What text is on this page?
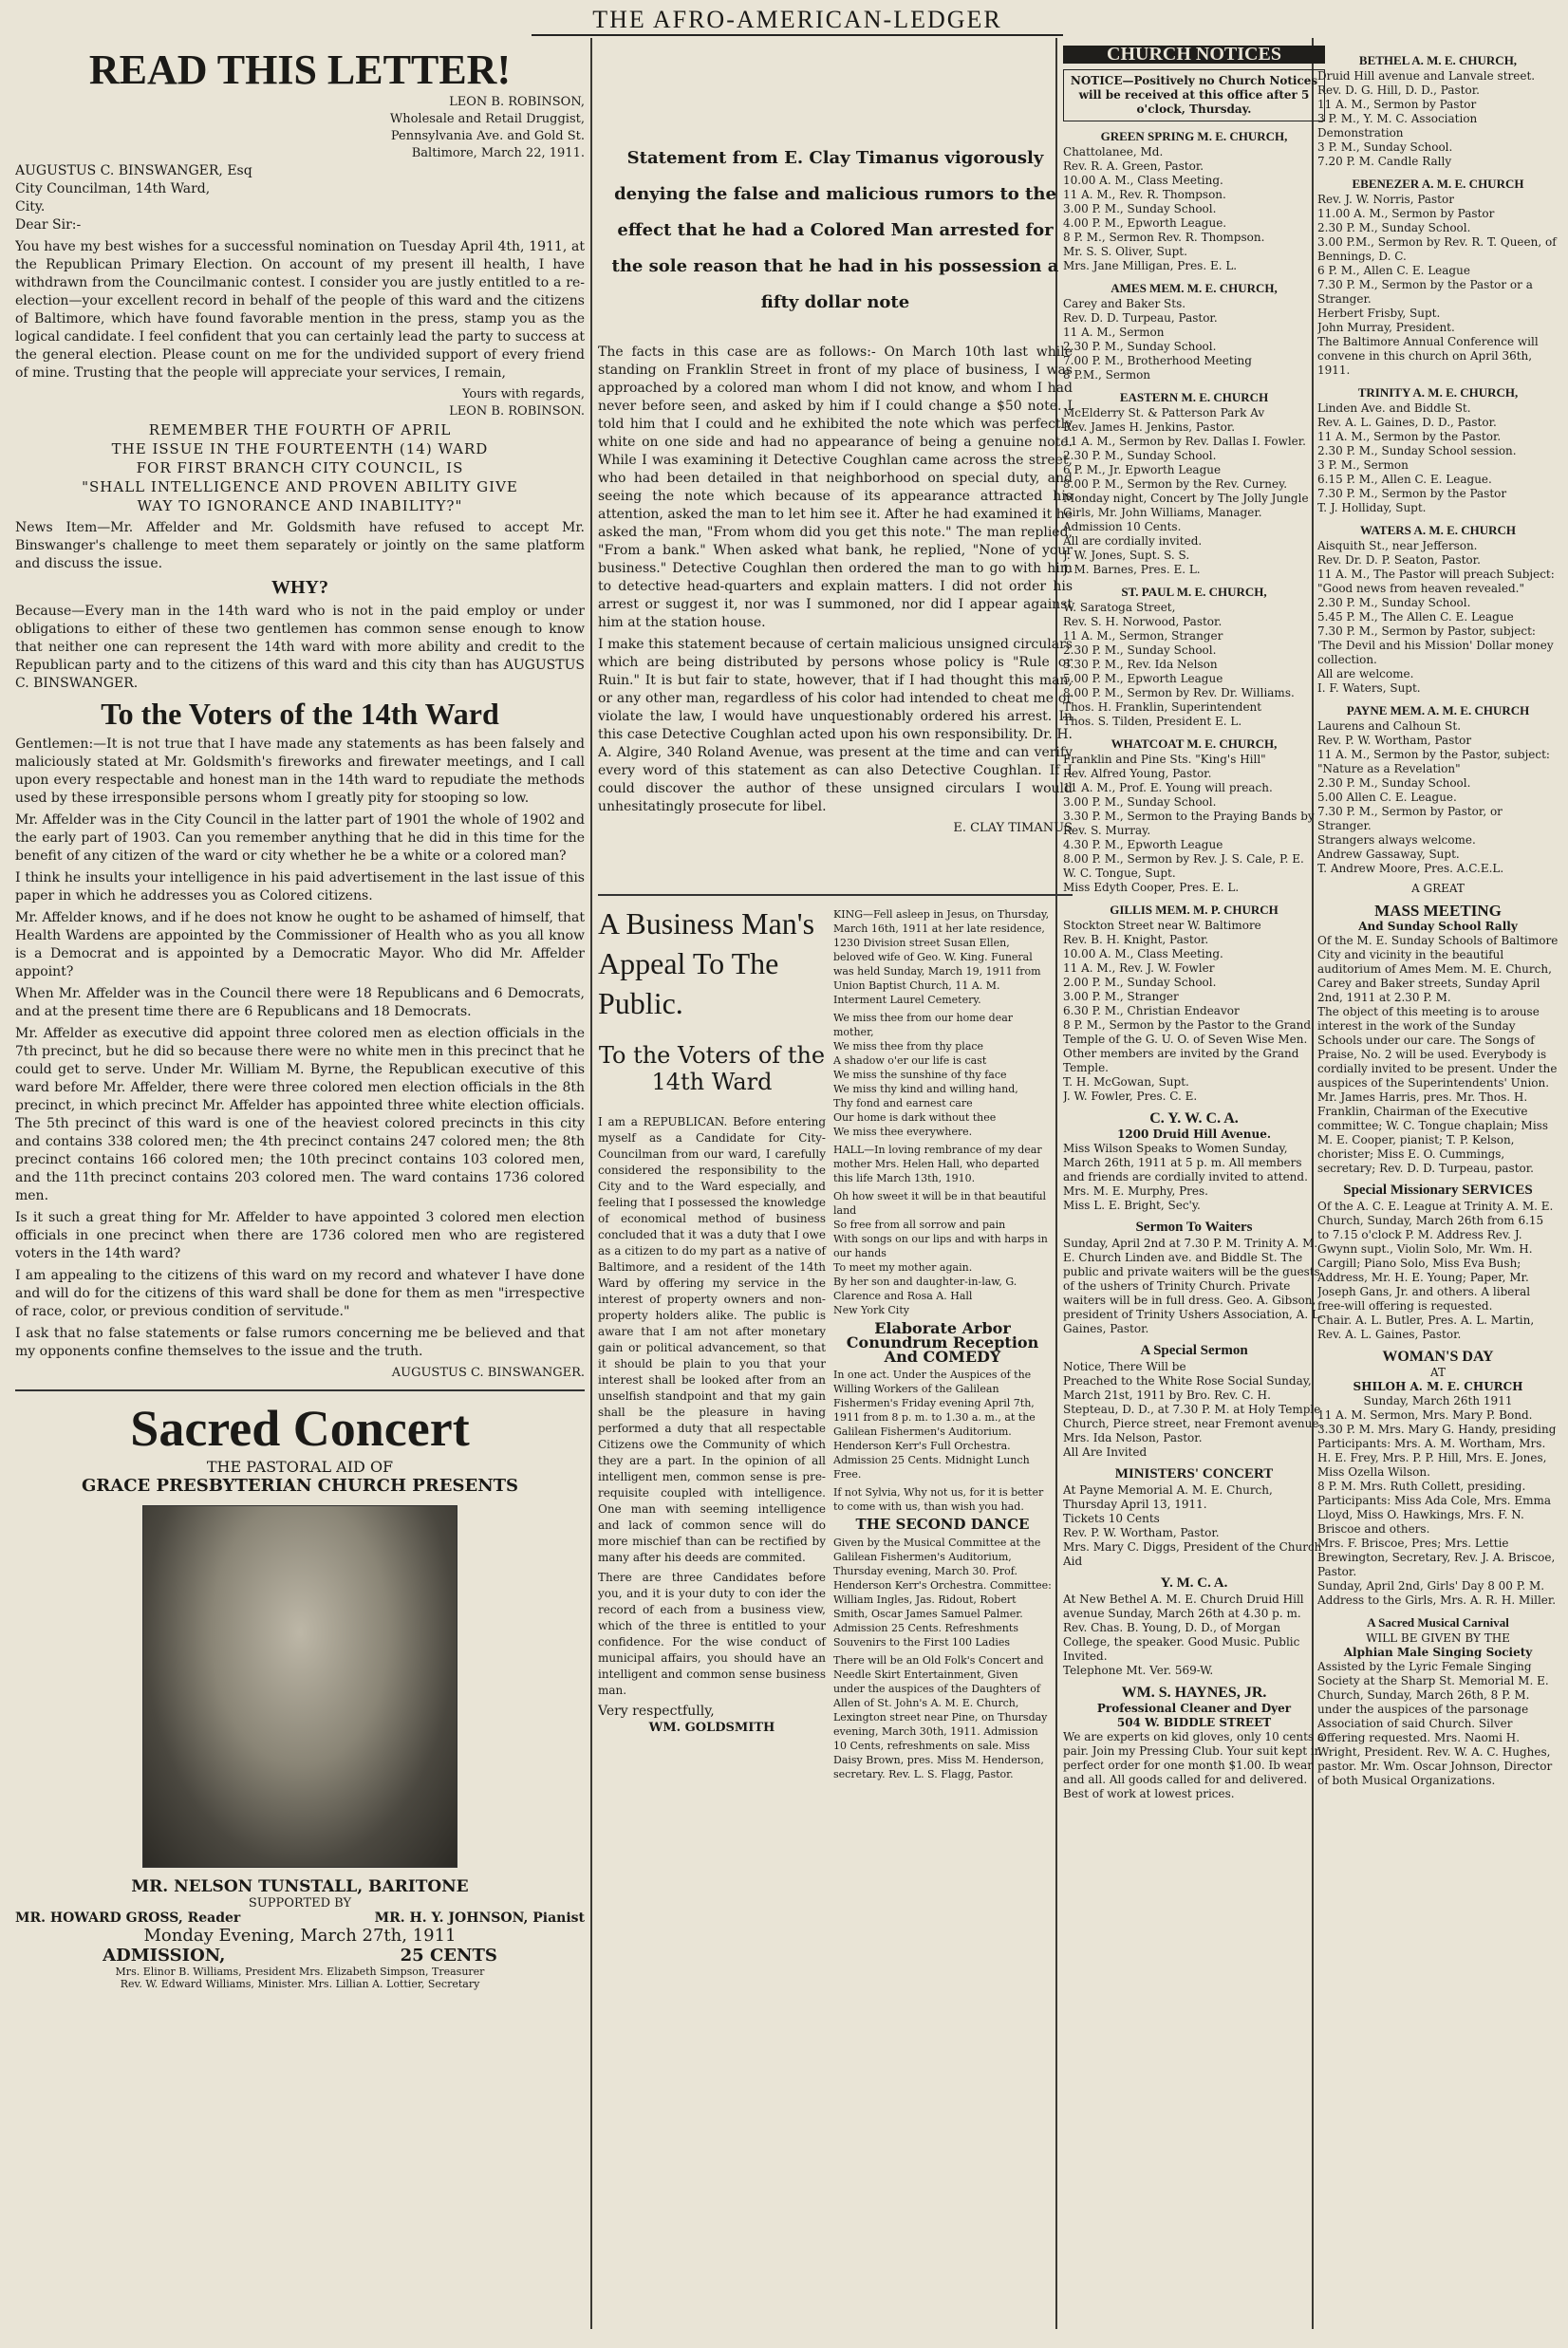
THE AFRO-AMERICAN-LEDGER
READ THIS LETTER!
LEON B. ROBINSON,
Wholesale and Retail Druggist,
Pennsylvania Ave. and Gold St.
Baltimore, March 22, 1911.
AUGUSTUS C. BINSWANGER, Esq
City Councilman, 14th Ward,
City.
Dear Sir:-

You have my best wishes for a successful nomination on Tuesday April 4th, 1911, at the Republican Primary Election. On account of my present ill health, I have withdrawn from the Councilmanic contest. I consider you are justly entitled to a re-election—your excellent record in behalf of the people of this ward and the citizens of Baltimore, which have found favorable mention in the press, stamp you as the logical candidate. I feel confident that you can certainly lead the party to success at the general election. Please count on me for the undivided support of every friend of mine. Trusting that the people will appreciate your services, I remain,

Yours with regards,
LEON B. ROBINSON.
REMEMBER THE FOURTH OF APRIL
THE ISSUE IN THE FOURTEENTH (14) WARD
FOR FIRST BRANCH CITY COUNCIL, IS
"SHALL INTELLIGENCE AND PROVEN ABILITY GIVE
WAY TO IGNORANCE AND INABILITY?"

News Item—Mr. Affelder and Mr. Goldsmith have refused to accept Mr. Binswanger's challenge to meet them separately or jointly on the same platform and discuss the issue.

WHY?

Because—Every man in the 14th ward who is not in the paid employ or under obligations to either of these two gentlemen has common sense enough to know that neither one can represent the 14th ward with more ability and credit to the Republican party and to the citizens of this ward and this city than has AUGUSTUS C. BINSWANGER.

To the Voters of the 14th Ward

Gentlemen:—It is not true that I have made any statements as has been falsely and maliciously stated at Mr. Goldsmith's fireworks and firewater meetings, and I call upon every respectable and honest man in the 14th ward to repudiate the methods used by these irresponsible persons whom I greatly pity for stooping so low.

Mr. Affelder was in the City Council in the latter part of 1901 the whole of 1902 and the early part of 1903. Can you remember anything that he did in this time for the benefit of any citizen of the ward or city whether he be a white or a colored man?

I think he insults your intelligence in his paid advertisement in the last issue of this paper in which he addresses you as Colored citizens.

Mr. Affelder knows, and if he does not know he ought to be ashamed of himself, that Health Wardens are appointed by the Commissioner of Health who as you all know is a Democrat and is appointed by a Democratic Mayor. Who did Mr. Affelder appoint?

When Mr. Affelder was in the Council there were 18 Republicans and 6 Democrats, and at the present time there are 6 Republicans and 18 Democrats.

Mr. Affelder as executive did appoint three colored men as election officials in the 7th precinct, but he did so because there were no white men in this precinct that he could get to serve. Under Mr. William M. Byrne, the Republican executive of this ward before Mr. Affelder, there were three colored men election officials in the 8th precinct, in which precinct Mr. Affelder has appointed three white election officials. The 5th precinct of this ward is one of the heaviest colored precincts in this city and contains 338 colored men; the 4th precinct contains 247 colored men; the 8th precinct contains 166 colored men; the 10th precinct contains 103 colored men, and the 11th precinct contains 203 colored men. The ward contains 1736 colored men.

Is it such a great thing for Mr. Affelder to have appointed 3 colored men election officials in one precinct when there are 1736 colored men who are registered voters in the 14th ward?

I am appealing to the citizens of this ward on my record and whatever I have done and will do for the citizens of this ward shall be done for them as men "irrespective of race, color, or previous condition of servitude."

I ask that no false statements or false rumors concerning me be believed and that my opponents confine themselves to the issue and the truth.

AUGUSTUS C. BINSWANGER.
Sacred Concert
THE PASTORAL AID OF
GRACE PRESBYTERIAN CHURCH PRESENTS
MR. NELSON TUNSTALL, BARITONE
SUPPORTED BY
MR. HOWARD GROSS, Reader	MR. H. Y. JOHNSON, Pianist
Monday Evening, March 27th, 1911
ADMISSION,	25 CENTS
Mrs. Elinor B. Williams, President Mrs. Elizabeth Simpson, Treasurer
Rev. W. Edward Williams, Minister. Mrs. Lillian A. Lottier, Secretary
Statement from E. Clay Timanus vigorously denying the false and malicious rumors to the effect that he had a Colored Man arrested for the sole reason that he had in his possession a fifty dollar note

The facts in this case are as follows:- On March 10th last while standing on Franklin Street in front of my place of business, I was approached by a colored man whom I did not know, and whom I had never before seen, and asked by him if I could change a $50 note. I told him that I could and he exhibited the note which was perfectly white on one side and had no appearance of being a genuine note. While I was examining it Detective Coughlan came across the street, who had been detailed in that neighborhood on special duty, and seeing the note which because of its appearance attracted his attention, asked the man to let him see it. After he had examined it he asked the man, "From whom did you get this note." The man replied, "From a bank." When asked what bank, he replied, "None of your business." Detective Coughlan then ordered the man to go with him to detective head-quarters and explain matters. I did not order his arrest or suggest it, nor was I summoned, nor did I appear against him at the station house.

I make this statement because of certain malicious unsigned circulars which are being distributed by persons whose policy is "Rule or Ruin." It is but fair to state, however, that if I had thought this man, or any other man, regardless of his color had intended to cheat me or violate the law, I would have unquestionably ordered his arrest. In this case Detective Coughlan acted upon his own responsibility. Dr. H. A. Algire, 340 Roland Avenue, was present at the time and can verify every word of this statement as can also Detective Coughlan. If I could discover the author of these unsigned circulars I would unhesitatingly prosecute for libel.

E. CLAY TIMANUS
A Business Man's Appeal To The Public.
To the Voters of the 14th Ward

I am a REPUBLICAN. Before entering myself as a Candidate for City-Councilman from our ward, I carefully considered the responsibility to the City and to the Ward especially, and feeling that I possessed the knowledge of economical method of business concluded that it was a duty that I owe as a citizen to do my part as a native of Baltimore, and a resident of the 14th Ward by offering my service in the interest of property owners and non-property holders alike. The public is aware that I am not after monetary gain or political advancement, so that it should be plain to you that your interest shall be looked after from an unselfish standpoint and that my gain shall be the pleasure in having performed a duty that all respectable Citizens owe the Community of which they are a part. In the opinion of all intelligent men, common sense is pre-requisite coupled with intelligence. One man with seeming intelligence and lack of common sence will do more mischief than can be rectified by many after his deeds are commited.

There are three Candidates before you, and it is your duty to con ider the record of each from a business view, which of the three is entitled to your confidence. For the wise conduct of municipal affairs, you should have an intelligent and common sense business man.

Very respectfully,
WM. GOLDSMITH

KING—Fell asleep in Jesus, on Thursday, March 16th, 1911 at her late residence, 1230 Division street Susan Ellen, beloved wife of Geo. W. King. Funeral was held Sunday, March 19, 1911 from Union Baptist Church, 11 A. M. Interment Laurel Cemetery.

We miss thee from our home dear mother,
We miss thee from thy place
A shadow o'er our life is cast
We miss the sunshine of thy face
We miss thy kind and willing hand,
Thy fond and earnest care
Our home is dark without thee
We miss thee everywhere.

HALL—In loving rembrance of my dear mother Mrs. Helen Hall, who departed this life March 13th, 1910.

Oh how sweet it will be in that beautiful land
So free from all sorrow and pain
With songs on our lips and with harps in our hands
To meet my mother again.
By her son and daughter-in-law, G. Clarence and Rosa A. Hall
New York City

Elaborate Arbor Conundrum Reception And COMEDY

In one act. Under the Auspices of the Willing Workers of the Galilean Fishermen's Friday evening April 7th, 1911 from 8 p. m. to 1.30 a. m., at the Galilean Fishermen's Auditorium. Henderson Kerr's Full Orchestra. Admission 25 Cents. Midnight Lunch Free.

If not Sylvia, Why not us, for it is better to come with us, than wish you had.

THE SECOND DANCE

Given by the Musical Committee at the Galilean Fishermen's Auditorium, Thursday evening, March 30. Prof. Henderson Kerr's Orchestra. Committee: William Ingles, Jas. Ridout, Robert Smith, Oscar James Samuel Palmer. Admission 25 Cents. Refreshments Souvenirs to the First 100 Ladies

There will be an Old Folk's Concert and Needle Skirt Entertainment, Given under the auspices of the Daughters of Allen of St. John's A. M. E. Church, Lexington street near Pine, on Thursday evening, March 30th, 1911. Admission 10 Cents, refreshments on sale. Miss Daisy Brown, pres. Miss M. Henderson, secretary. Rev. L. S. Flagg, Pastor.

CHURCH NOTICES
NOTICE—Positively no Church Notices will be received at this office after 5 o'clock, Thursday.
GREEN SPRING M. E. CHURCH,
Chattolanee, Md.
Rev. R. A. Green, Pastor.
10.00 A. M., Class Meeting.
11 A. M., Rev. R. Thompson.
3.00 P. M., Sunday School.
4.00 P. M., Epworth League.
8 P. M., Sermon Rev. R. Thompson.
Mr. S. S. Oliver, Supt.
Mrs. Jane Milligan, Pres. E. L.
AMES MEM. M. E. CHURCH,
Carey and Baker Sts.
Rev. D. D. Turpeau, Pastor.
11 A. M., Sermon
2.30 P. M., Sunday School.
7.00 P. M., Brotherhood Meeting
8 P.M., Sermon
EASTERN M. E. CHURCH
McElderry St. & Patterson Park Av
Rev. James H. Jenkins, Pastor.
11 A. M., Sermon by Rev. Dallas I. Fowler.
2.30 P. M., Sunday School.
6 P. M., Jr. Epworth League
8.00 P. M., Sermon by the Rev. Curney.
Monday night, Concert by The Jolly Jungle Girls, Mr. John Williams, Manager.
Admission 10 Cents.
All are cordially invited.
J. W. Jones, Supt. S. S.
J. M. Barnes, Pres. E. L.
ST. PAUL M. E. CHURCH,
W. Saratoga Street,
Rev. S. H. Norwood, Pastor.
11 A. M., Sermon, Stranger
2.30 P. M., Sunday School.
3.30 P. M., Rev. Ida Nelson
5.00 P. M., Epworth League
8.00 P. M., Sermon by Rev. Dr. Williams.
Thos. H. Franklin, Superintendent
Thos. S. Tilden, President E. L.
WHATCOAT M. E. CHURCH,
Franklin and Pine Sts. "King's Hill"
Rev. Alfred Young, Pastor.
11 A. M., Prof. E. Young will preach.
3.00 P. M., Sunday School.
3.30 P. M., Sermon to the Praying Bands by Rev. S. Murray.
4.30 P. M., Epworth League
8.00 P. M., Sermon by Rev. J. S. Cale, P. E.
W. C. Tongue, Supt.
Miss Edyth Cooper, Pres. E. L.
GILLIS MEM. M. P. CHURCH
Stockton Street near W. Baltimore
Rev. B. H. Knight, Pastor.
10.00 A. M., Class Meeting.
11 A. M., Rev. J. W. Fowler
2.00 P. M., Sunday School.
3.00 P. M., Stranger
6.30 P. M., Christian Endeavor
8 P. M., Sermon by the Pastor to the Grand Temple of the G. U. O. of Seven Wise Men. Other members are invited by the Grand Temple.
T. H. McGowan, Supt.
J. W. Fowler, Pres. C. E.
C. Y. W. C. A.
1200 Druid Hill Avenue.
Miss Wilson Speaks to Women Sunday, March 26th, 1911 at 5 p. m. All members and friends are cordially invited to attend.
Mrs. M. E. Murphy, Pres.
Miss L. E. Bright, Sec'y.
Sermon To Waiters
Sunday, April 2nd at 7.30 P. M. Trinity A. M. E. Church Linden ave. and Biddle St. The public and private waiters will be the guests of the ushers of Trinity Church. Private waiters will be in full dress. Geo. A. Gibson, president of Trinity Ushers Association, A. L. Gaines, Pastor.
A Special Sermon
Notice, There Will be
Preached to the White Rose Social Sunday, March 21st, 1911 by Bro. Rev. C. H. Stepteau, D. D., at 7.30 P. M. at Holy Temple Church, Pierce street, near Fremont avenue. Mrs. Ida Nelson, Pastor.
All Are Invited
MINISTERS' CONCERT
At Payne Memorial A. M. E. Church, Thursday April 13, 1911.
Tickets 10 Cents
Rev. P. W. Wortham, Pastor.
Mrs. Mary C. Diggs, President of the Church Aid
Y. M. C. A.
At New Bethel A. M. E. Church Druid Hill avenue Sunday, March 26th at 4.30 p. m. Rev. Chas. B. Young, D. D., of Morgan College, the speaker. Good Music. Public Invited.
Telephone Mt. Ver. 569-W.
WM. S. HAYNES, JR.
Professional Cleaner and Dyer
504 W. BIDDLE STREET
We are experts on kid gloves, only 10 cents a pair. Join my Pressing Club. Your suit kept in perfect order for one month $1.00. Ib wear and all. All goods called for and delivered. Best of work at lowest prices.
BETHEL A. M. E. CHURCH,
Druid Hill avenue and Lanvale street.
Rev. D. G. Hill, D. D., Pastor.
11 A. M., Sermon by Pastor
3 P. M., Y. M. C. Association Demonstration
3 P. M., Sunday School.
7.20 P. M. Candle Rally
EBENEZER A. M. E. CHURCH
Rev. J. W. Norris, Pastor
11.00 A. M., Sermon by Pastor
2.30 P. M., Sunday School.
3.00 P.M., Sermon by Rev. R. T. Queen, of Bennings, D. C.
6 P. M., Allen C. E. League
7.30 P. M., Sermon by the Pastor or a Stranger.
Herbert Frisby, Supt.
John Murray, President.
The Baltimore Annual Conference will convene in this church on April 36th, 1911.
TRINITY A. M. E. CHURCH,
Linden Ave. and Biddle St.
Rev. A. L. Gaines, D. D., Pastor.
11 A. M., Sermon by the Pastor.
2.30 P. M., Sunday School session.
3 P. M., Sermon
6.15 P. M., Allen C. E. League.
7.30 P. M., Sermon by the Pastor
T. J. Holliday, Supt.
WATERS A. M. E. CHURCH
Aisquith St., near Jefferson.
Rev. Dr. D. P. Seaton, Pastor.
11 A. M., The Pastor will preach Subject: "Good news from heaven revealed."
2.30 P. M., Sunday School.
5.45 P. M., The Allen C. E. League
7.30 P. M., Sermon by Pastor, subject: 'The Devil and his Mission' Dollar money collection.
All are welcome.
I. F. Waters, Supt.
PAYNE MEM. A. M. E. CHURCH
Laurens and Calhoun St.
Rev. P. W. Wortham, Pastor
11 A. M., Sermon by the Pastor, subject: "Nature as a Revelation"
2.30 P. M., Sunday School.
5.00 Allen C. E. League.
7.30 P. M., Sermon by Pastor, or Stranger.
Strangers always welcome.
Andrew Gassaway, Supt.
T. Andrew Moore, Pres. A.C.E.L.
A GREAT
MASS MEETING
And Sunday School Rally
Of the M. E. Sunday Schools of Baltimore City and vicinity in the beautiful auditorium of Ames Mem. M. E. Church, Carey and Baker streets, Sunday April 2nd, 1911 at 2.30 P. M.
The object of this meeting is to arouse interest in the work of the Sunday Schools under our care. The Songs of Praise, No. 2 will be used. Everybody is cordially invited to be present. Under the auspices of the Superintendents' Union.
Mr. James Harris, pres. Mr. Thos. H. Franklin, Chairman of the Executive committee; W. C. Tongue chaplain; Miss M. E. Cooper, pianist; T. P. Kelson, chorister; Miss E. O. Cummings, secretary; Rev. D. D. Turpeau, pastor.
Special Missionary SERVICES
Of the A. C. E. League at Trinity A. M. E. Church, Sunday, March 26th from 6.15 to 7.15 o'clock P. M. Address Rev. J. Gwynn supt., Violin Solo, Mr. Wm. H. Cargill; Piano Solo, Miss Eva Bush; Address, Mr. H. E. Young; Paper, Mr. Joseph Gans, Jr. and others. A liberal free-will offering is requested.
Chair. A. L. Butler, Pres. A. L. Martin, Rev. A. L. Gaines, Pastor.
WOMAN'S DAY
AT
SHILOH A. M. E. CHURCH
Sunday, March 26th 1911
11 A. M. Sermon, Mrs. Mary P. Bond.
3.30 P. M. Mrs. Mary G. Handy, presiding Participants: Mrs. A. M. Wortham, Mrs. H. E. Frey, Mrs. P. P. Hill, Mrs. E. Jones, Miss Ozella Wilson.
8 P. M. Mrs. Ruth Collett, presiding. Participants: Miss Ada Cole, Mrs. Emma Lloyd, Miss O. Hawkings, Mrs. F. N. Briscoe and others.
Mrs. F. Briscoe, Pres; Mrs. Lettie Brewington, Secretary, Rev. J. A. Briscoe, Pastor.
Sunday, April 2nd, Girls' Day 8 00 P. M. Address to the Girls, Mrs. A. R. H. Miller.
A Sacred Musical Carnival
WILL BE GIVEN BY THE
Alphian Male Singing Society
Assisted by the Lyric Female Singing Society at the Sharp St. Memorial M. E. Church, Sunday, March 26th, 8 P. M. under the auspices of the parsonage Association of said Church. Silver Offering requested. Mrs. Naomi H. Wright, President. Rev. W. A. C. Hughes, pastor. Mr. Wm. Oscar Johnson, Director of both Musical Organizations.
